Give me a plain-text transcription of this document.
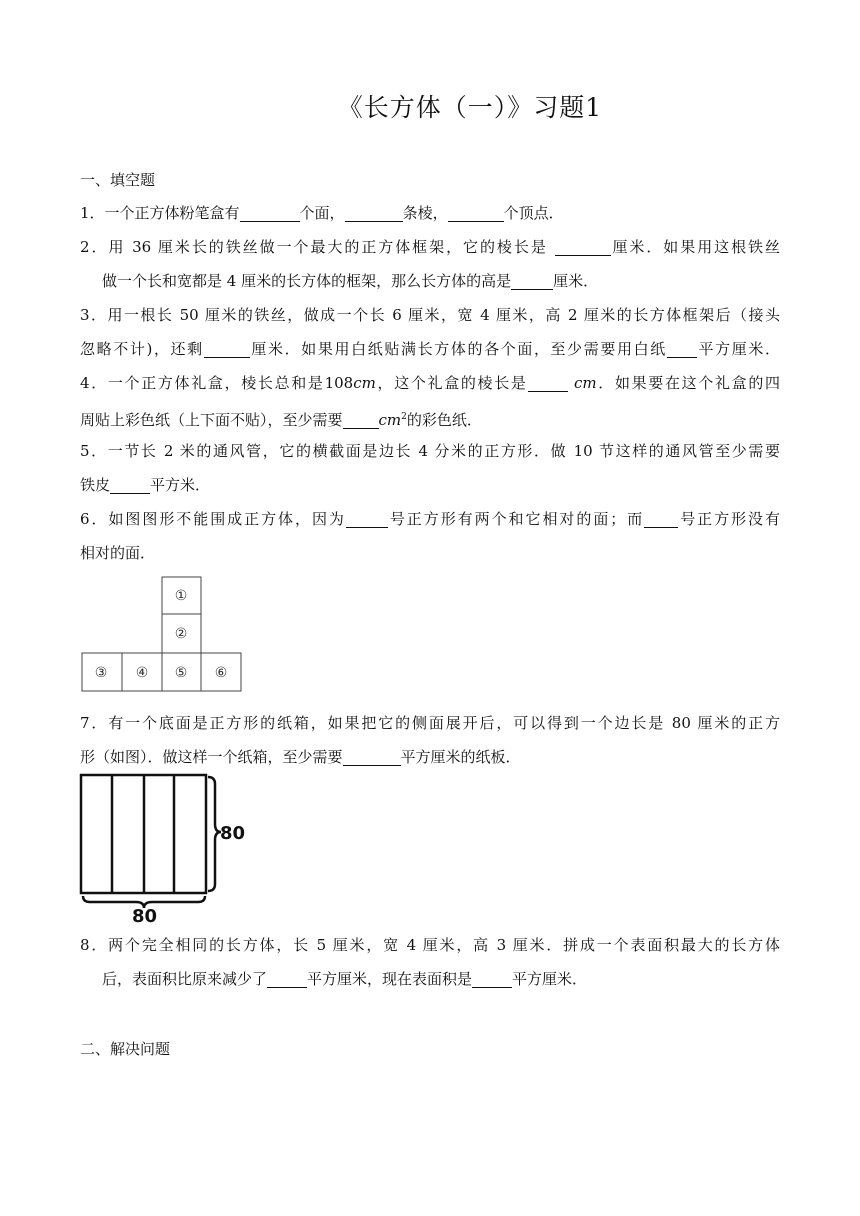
《长方体（一）》习题1
一、填空题
1．一个正方体粉笔盒有	个面，	条棱，	个顶点．
2．用 36 厘米长的铁丝做一个最大的正方体框架，它的棱长是	厘米．如果用这根铁丝
做一个长和宽都是 4 厘米的长方体的框架，那么长方体的高是	厘米．
3．用一根长 50 厘米的铁丝，做成一个长 6 厘米，宽 4 厘米，高 2 厘米的长方体框架后（接头
忽略不计)，还剩	厘米．如果用白纸贴满长方体的各个面，至少需要用白纸 平方厘米．
4．一个正方体礼盒，棱长总和是108cm，这个礼盒的棱长是	cm．如果要在这个礼盒的四
周贴上彩色纸（上下面不贴），至少需要 $cm^2$的彩色纸．
5．一节长 2 米的通风管，它的横截面是边长 4 分米的正方形．做 10 节这样的通风管至少需要
铁皮	平方米．
6．如图图形不能围成正方体，因为	号正方形有两个和它相对的面；而 号正方形没有
相对的面．
①
②
③ ④ ⑤ ⑥
7．有一个底面是正方形的纸箱，如果把它的侧面展开后，可以得到一个边长是 80 厘米的正方
形（如图）．做这样一个纸箱，至少需要	平方厘米的纸板．
80
80
8．两个完全相同的长方体，长 5 厘米，宽 4 厘米，高 3 厘米．拼成一个表面积最大的长方体
后，表面积比原来减少了	平方厘米，现在表面积是	平方厘米．
二、解决问题
